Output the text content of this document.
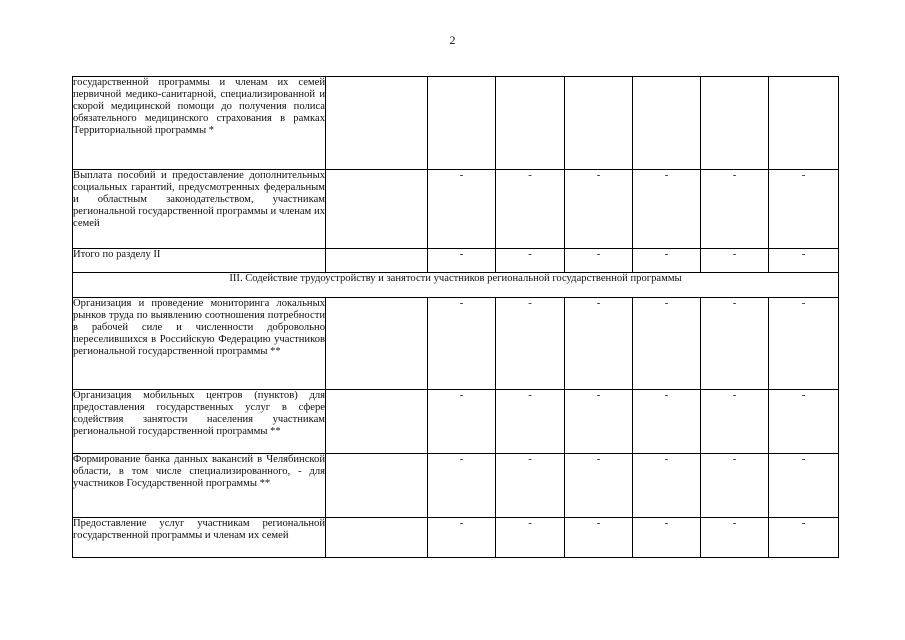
2
государственной программы и членам их семей первичной медико-санитарной, специализированной и скорой медицинской помощи до получения полиса обязательного медицинского страхования в рамках Территориальной программы *							
Выплата пособий и предоставление дополнительных социальных гарантий, предусмотренных федеральным и областным законодательством, участникам региональной государственной программы и членам их семей		-	-	-	-	-	-
Итого по разделу II		-	-	-	-	-	-
III. Содействие трудоустройству и занятости участников региональной государственной программы							
Организация и проведение мониторинга локальных рынков труда по выявлению соотношения потребности в рабочей силе и численности добровольно переселившихся в Российскую Федерацию участников региональной государственной программы **		-	-	-	-	-	-
Организация мобильных центров (пунктов) для предоставления государственных услуг в сфере содействия занятости населения участникам региональной государственной программы **		-	-	-	-	-	-
Формирование банка данных вакансий в Челябинской области, в том числе специализированного, - для участников Государственной программы **		-	-	-	-	-	-
Предоставление услуг участникам региональной государственной программы и членам их семей		-	-	-	-	-	-
